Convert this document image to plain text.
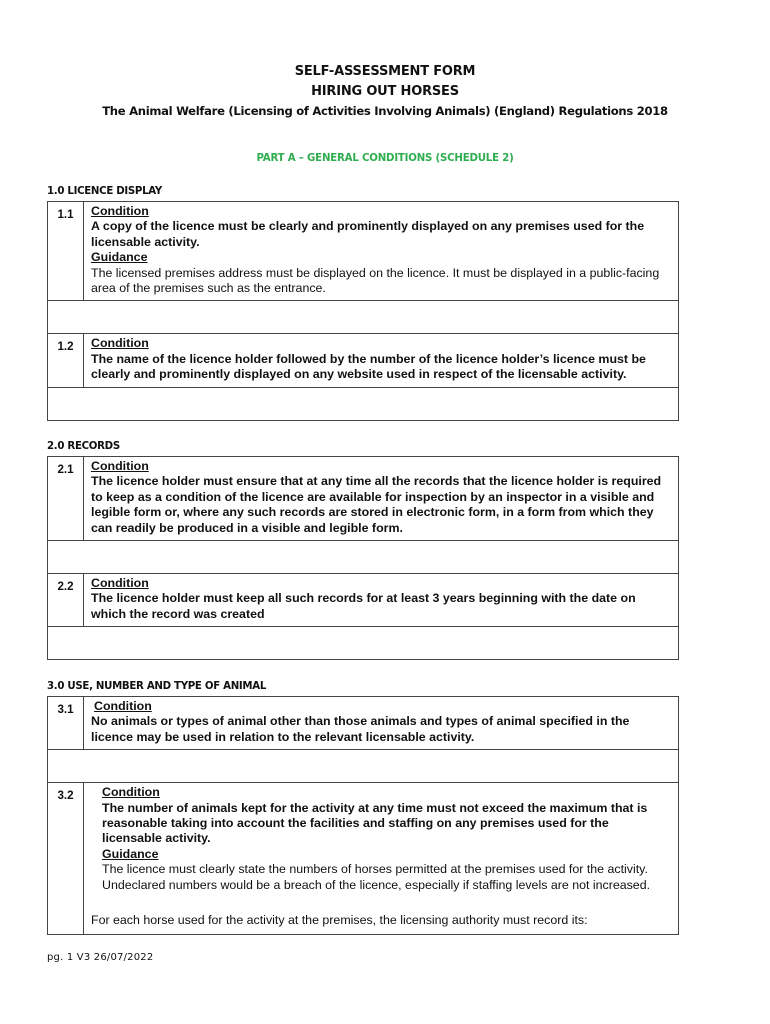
SELF-ASSESSMENT FORM
HIRING OUT HORSES
The Animal Welfare (Licensing of Activities Involving Animals) (England) Regulations 2018
PART A – GENERAL CONDITIONS (SCHEDULE 2)
1.0 LICENCE DISPLAY
1.1	Condition
A copy of the licence must be clearly and prominently displayed on any premises used for the licensable activity.
Guidance
The licensed premises address must be displayed on the licence. It must be displayed in a public-facing area of the premises such as the entrance.
1.2	Condition
The name of the licence holder followed by the number of the licence holder’s licence must be clearly and prominently displayed on any website used in respect of the licensable activity.
2.0 RECORDS
2.1	Condition
The licence holder must ensure that at any time all the records that the licence holder is required to keep as a condition of the licence are available for inspection by an inspector in a visible and legible form or, where any such records are stored in electronic form, in a form from which they can readily be produced in a visible and legible form.
2.2	Condition
The licence holder must keep all such records for at least 3 years beginning with the date on which the record was created
3.0 USE, NUMBER AND TYPE OF ANIMAL
3.1	Condition
No animals or types of animal other than those animals and types of animal specified in the licence may be used in relation to the relevant licensable activity.
3.2	Condition
The number of animals kept for the activity at any time must not exceed the maximum that is reasonable taking into account the facilities and staffing on any premises used for the licensable activity.
Guidance
The licence must clearly state the numbers of horses permitted at the premises used for the activity. Undeclared numbers would be a breach of the licence, especially if staffing levels are not increased.
For each horse used for the activity at the premises, the licensing authority must record its:
pg. 1 V3 26/07/2022
